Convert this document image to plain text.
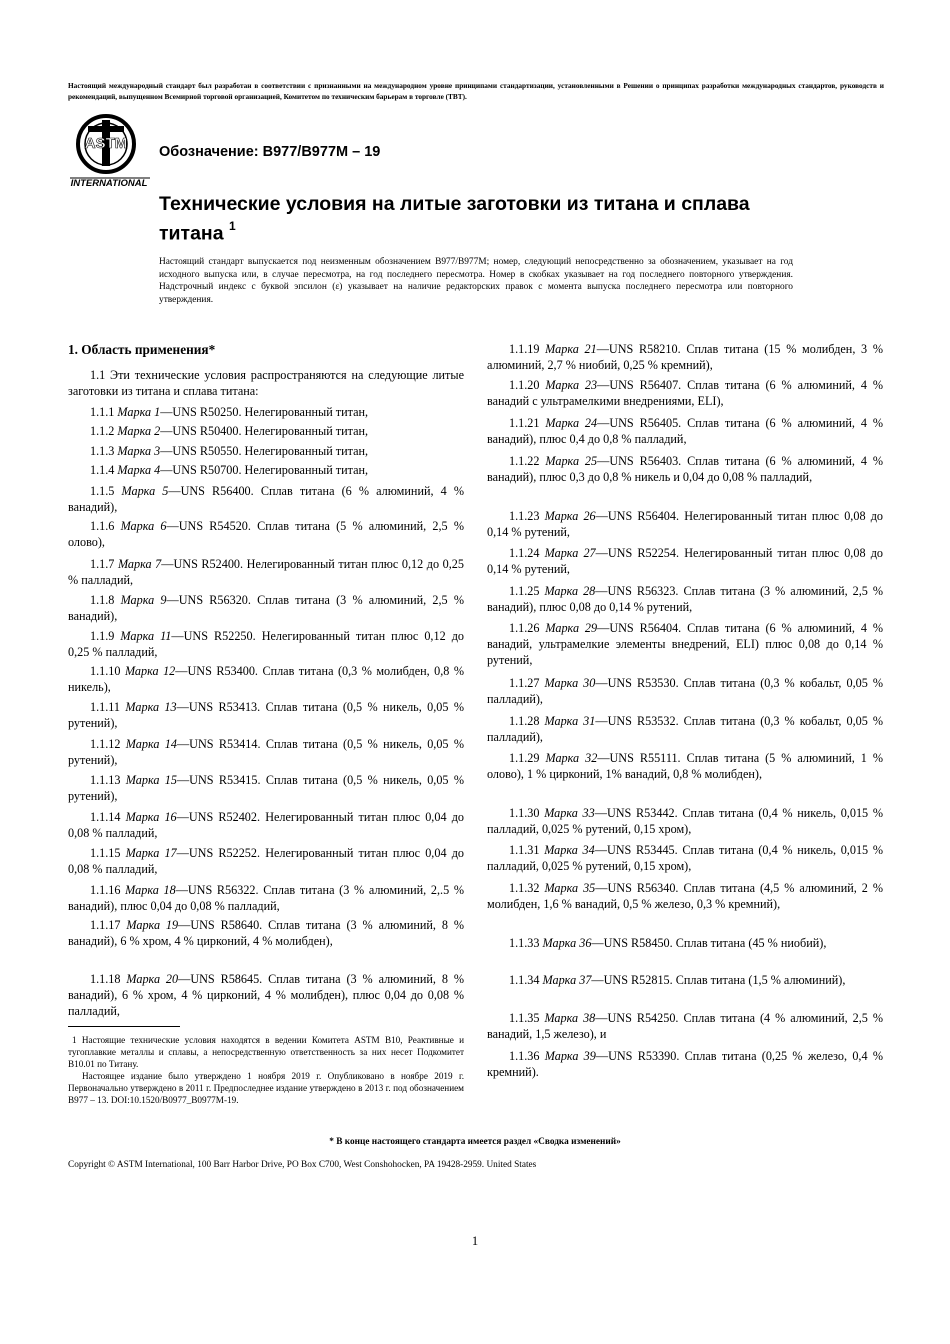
Настоящий международный стандарт был разработан в соответствии с признанными на международном уровне принципами стандартизации, установленными в Решении о принципах разработки международных стандартов, руководств и рекомендаций, выпущенном Всемирной торговой организацией, Комитетом по техническим барьерам в торговле (ТВТ).
ASTM
INTERNATIONAL
Обозначение: B977/B977M – 19
Технические условия на литые заготовки из титана и сплава титана $^1$
Настоящий стандарт выпускается под неизменным обозначением B977/B977M; номер, следующий непосредственно за обозначением, указывает на год исходного выпуска или, в случае пересмотра, на год последнего пересмотра. Номер в скобках указывает на год последнего повторного утверждения. Надстрочный индекс с буквой эпсилон (ε) указывает на наличие редакторских правок с момента выпуска последнего пересмотра или повторного утверждения.
1. Область применения*
1.1 Эти технические условия распространяются на следующие литые заготовки из титана и сплава титана:
1.1.1 Марка 1—UNS R50250. Нелегированный титан,
1.1.2 Марка 2—UNS R50400. Нелегированный титан,
1.1.3 Марка 3—UNS R50550. Нелегированный титан,
1.1.4 Марка 4—UNS R50700. Нелегированный титан,
1.1.5 Марка 5—UNS R56400. Сплав титана (6 % алюминий, 4 % ванадий),
1.1.6 Марка 6—UNS R54520. Сплав титана (5 % алюминий, 2,5 % олово),
1.1.7 Марка 7—UNS R52400. Нелегированный титан плюс 0,12 до 0,25 % палладий,
1.1.8 Марка 9—UNS R56320. Сплав титана (3 % алюминий, 2,5 % ванадий),
1.1.9 Марка 11—UNS R52250. Нелегированный титан плюс 0,12 до 0,25 % палладий,
1.1.10 Марка 12—UNS R53400. Сплав титана (0,3 % молибден, 0,8 % никель),
1.1.11 Марка 13—UNS R53413. Сплав титана (0,5 % никель, 0,05 % рутений),
1.1.12 Марка 14—UNS R53414. Сплав титана (0,5 % никель, 0,05 % рутений),
1.1.13 Марка 15—UNS R53415. Сплав титана (0,5 % никель, 0,05 % рутений),
1.1.14 Марка 16—UNS R52402. Нелегированный титан плюс 0,04 до 0,08 % палладий,
1.1.15 Марка 17—UNS R52252. Нелегированный титан плюс 0,04 до 0,08 % палладий,
1.1.16 Марка 18—UNS R56322. Сплав титана (3 % алюминий, 2,.5 % ванадий), плюс 0,04 до 0,08 % палладий,
1.1.17 Марка 19—UNS R58640. Сплав титана (3 % алюминий, 8 % ванадий), 6 % хром, 4 % цирконий, 4 % молибден),
1.1.18 Марка 20—UNS R58645. Сплав титана (3 % алюминий, 8 % ванадий), 6 % хром, 4 % цирконий, 4 % молибден), плюс 0,04 до 0,08 % палладий,
1.1.19 Марка 21—UNS R58210. Сплав титана (15 % молибден, 3 % алюминий, 2,7 % ниобий, 0,25 % кремний),
1.1.20 Марка 23—UNS R56407. Сплав титана (6 % алюминий, 4 % ванадий с ультрамелкими внедрениями, ELI),
1.1.21 Марка 24—UNS R56405. Сплав титана (6 % алюминий, 4 % ванадий), плюс 0,4 до 0,8 % палладий,
1.1.22 Марка 25—UNS R56403. Сплав титана (6 % алюминий, 4 % ванадий), плюс 0,3 до 0,8 % никель и 0,04 до 0,08 % палладий,
1.1.23 Марка 26—UNS R56404. Нелегированный титан плюс 0,08 до 0,14 % рутений,
1.1.24 Марка 27—UNS R52254. Нелегированный титан плюс 0,08 до 0,14 % рутений,
1.1.25 Марка 28—UNS R56323. Сплав титана (3 % алюминий, 2,5 % ванадий), плюс 0,08 до 0,14 % рутений,
1.1.26 Марка 29—UNS R56404. Сплав титана (6 % алюминий, 4 % ванадий, ультрамелкие элементы внедрений, ELI) плюс 0,08 до 0,14 % рутений,
1.1.27 Марка 30—UNS R53530. Сплав титана (0,3 % кобальт, 0,05 % палладий),
1.1.28 Марка 31—UNS R53532. Сплав титана (0,3 % кобальт, 0,05 % палладий),
1.1.29 Марка 32—UNS R55111. Сплав титана (5 % алюминий, 1 % олово), 1 % цирконий, 1% ванадий, 0,8 % молибден),
1.1.30 Марка 33—UNS R53442. Сплав титана (0,4 % никель, 0,015 % палладий, 0,025 % рутений, 0,15 хром),
1.1.31 Марка 34—UNS R53445. Сплав титана (0,4 % никель, 0,015 % палладий, 0,025 % рутений, 0,15 хром),
1.1.32 Марка 35—UNS R56340. Сплав титана (4,5 % алюминий, 2 % молибден, 1,6 % ванадий, 0,5 % железо, 0,3 % кремний),
1.1.33 Марка 36—UNS R58450. Сплав титана (45 % ниобий),
1.1.34 Марка 37—UNS R52815. Сплав титана (1,5 % алюминий),
1.1.35 Марка 38—UNS R54250. Сплав титана (4 % алюминий, 2,5 % ванадий, 1,5 железо), и
1.1.36 Марка 39—UNS R53390. Сплав титана (0,25 % железо, 0,4 % кремний).

1 Настоящие технические условия находятся в ведении Комитета ASTM B10, Реактивные и тугоплавкие металлы и сплавы, а непосредственную ответственность за них несет Подкомитет B10.01 по Титану.

Настоящее издание было утверждено 1 ноября 2019 г. Опубликовано в ноябре 2019 г. Первоначально утверждено в 2011 г. Предпоследнее издание утверждено в 2013 г. под обозначением B977 – 13. DOI:10.1520/B0977_B0977M-19.

* В конце настоящего стандарта имеется раздел «Сводка изменений»
Copyright © ASTM International, 100 Barr Harbor Drive, PO Box C700, West Conshohocken, PA 19428-2959. United States
1
